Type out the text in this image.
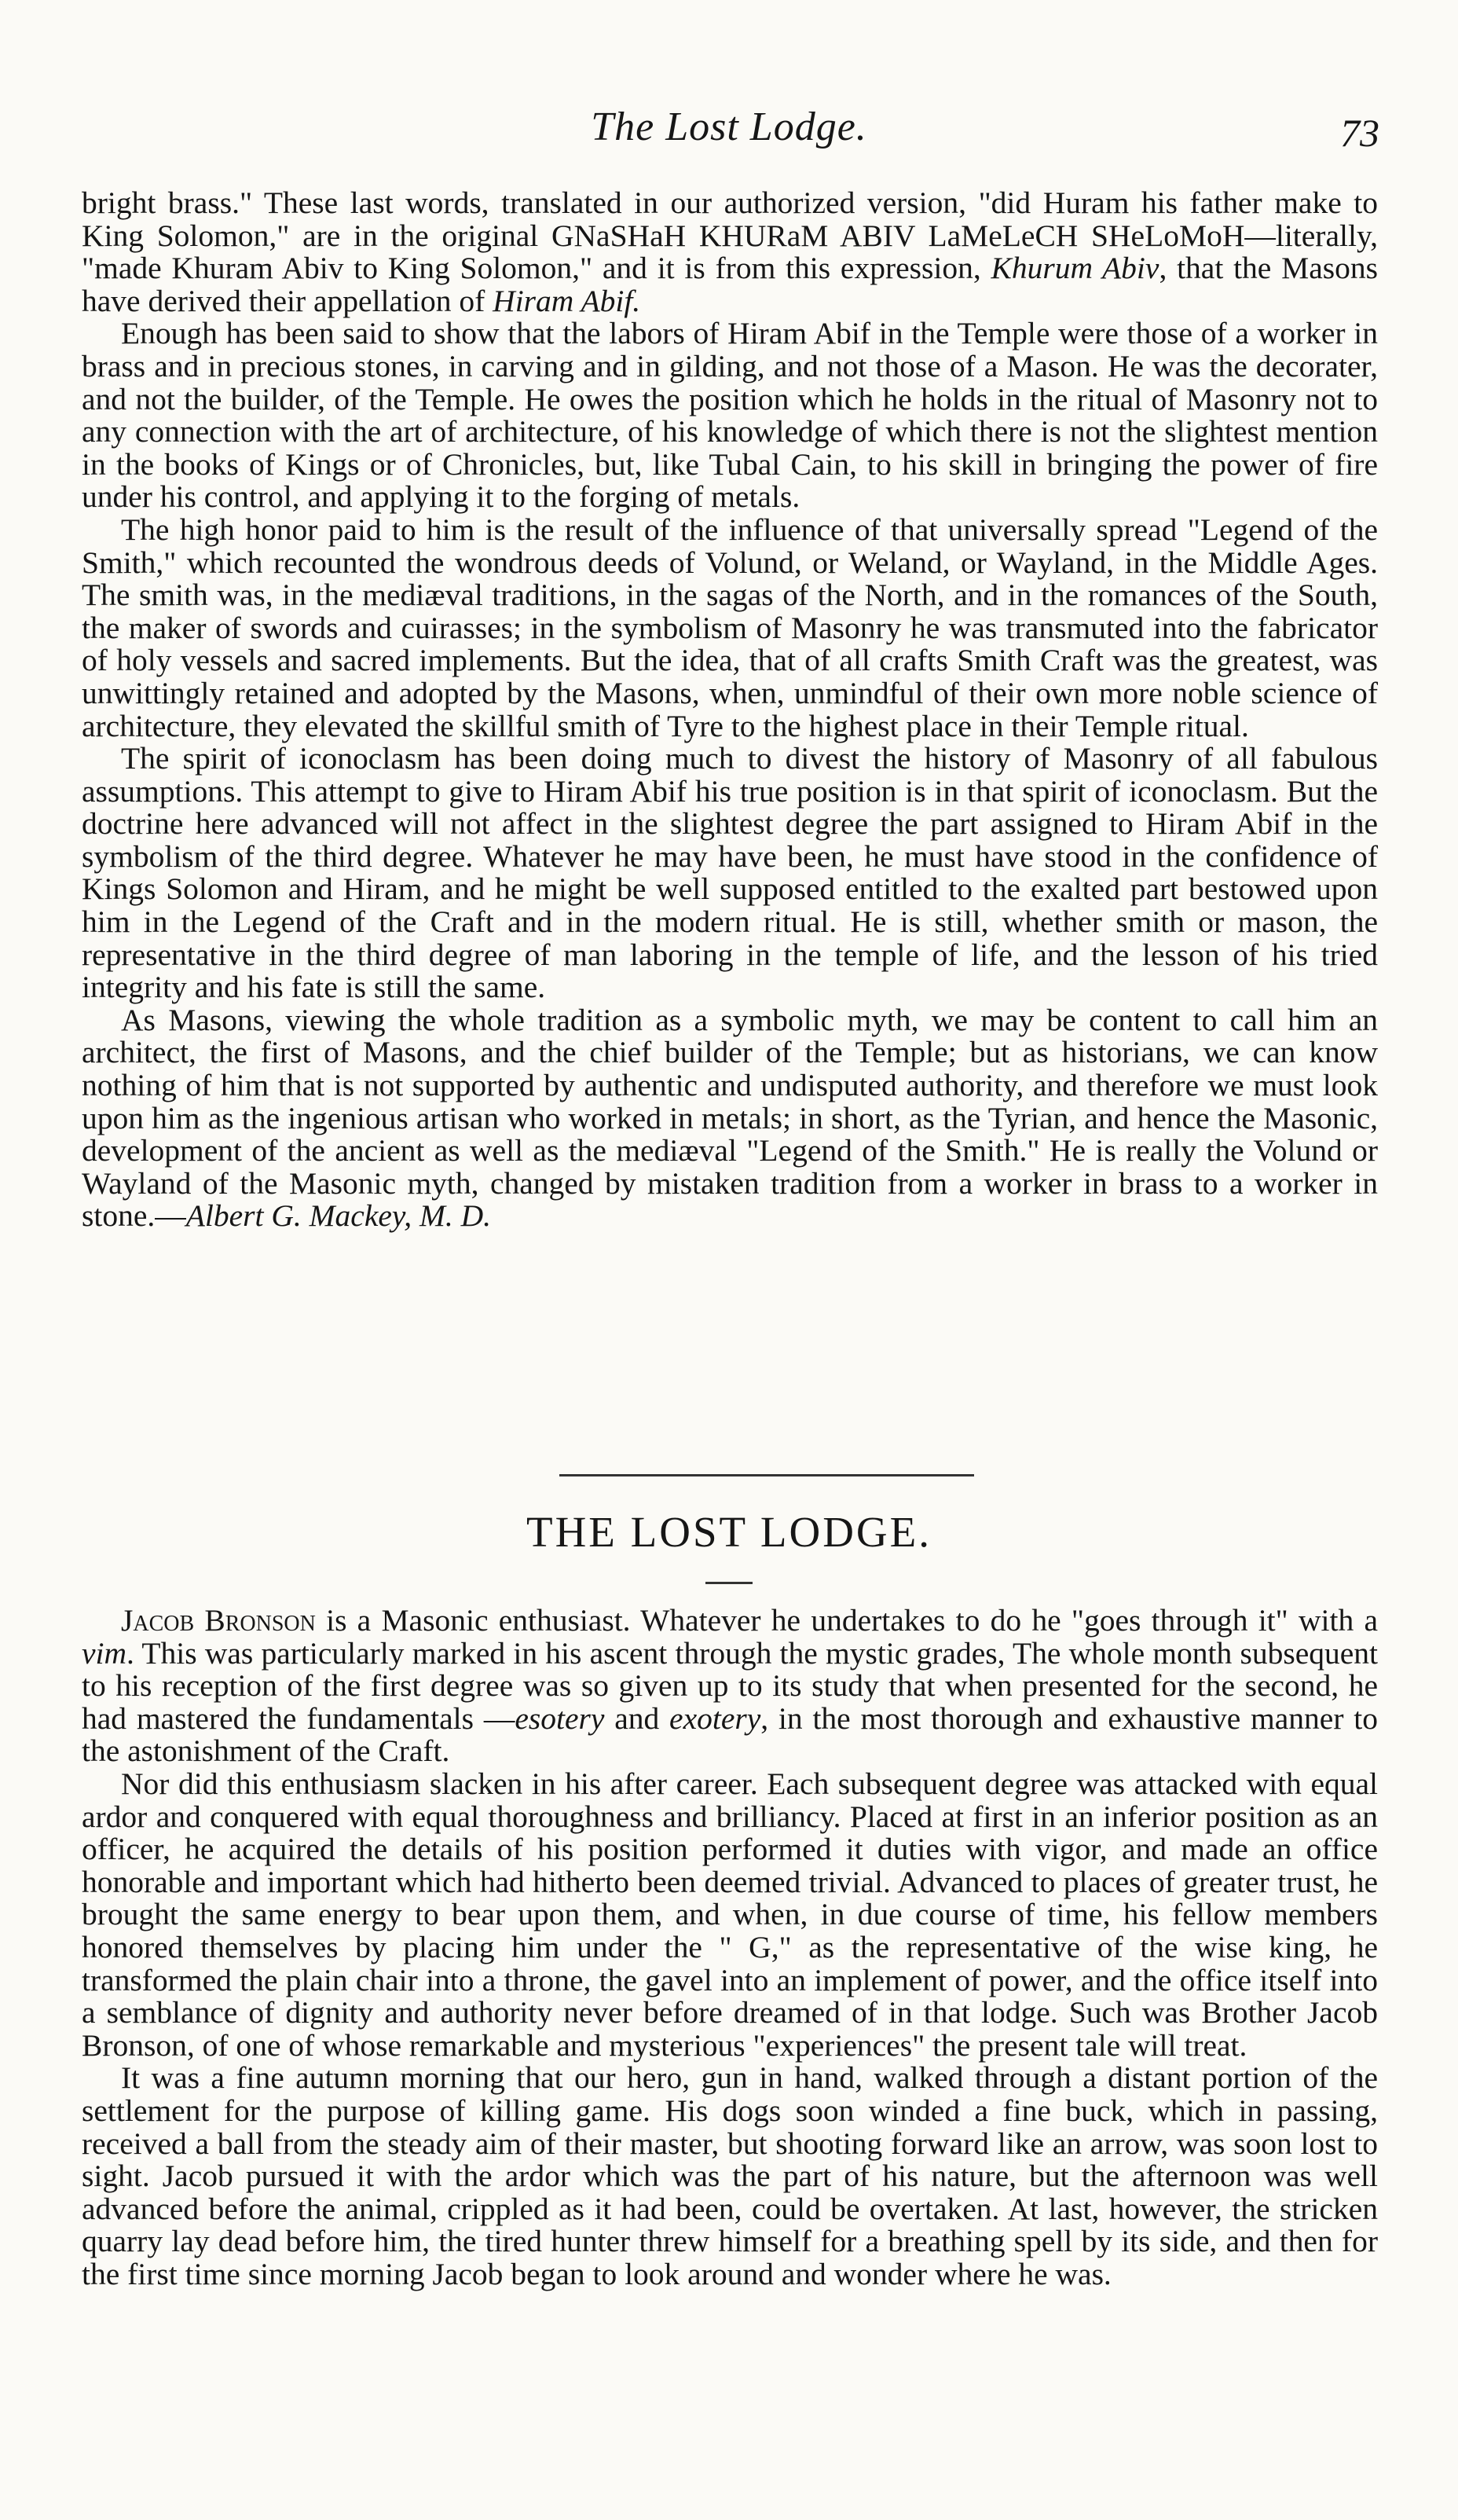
The Lost Lodge.	73

bright brass." These last words, translated in our authorized version, "did Huram his father make to King Solomon," are in the original GNaSHaH KHURaM ABIV LaMeLeCH SHeLoMoH—literally, "made Khuram Abiv to King Solomon," and it is from this expression, Khurum Abiv, that the Masons have derived their appellation of Hiram Abif.

Enough has been said to show that the labors of Hiram Abif in the Temple were those of a worker in brass and in precious stones, in carving and in gilding, and not those of a Mason. He was the decorater, and not the builder, of the Temple. He owes the position which he holds in the ritual of Masonry not to any connection with the art of architecture, of his knowledge of which there is not the slightest mention in the books of Kings or of Chronicles, but, like Tubal Cain, to his skill in bringing the power of fire under his control, and applying it to the forging of metals.

The high honor paid to him is the result of the influence of that universally spread "Legend of the Smith," which recounted the wondrous deeds of Volund, or Weland, or Wayland, in the Middle Ages. The smith was, in the mediæval traditions, in the sagas of the North, and in the romances of the South, the maker of swords and cuirasses; in the symbolism of Masonry he was transmuted into the fabricator of holy vessels and sacred implements. But the idea, that of all crafts Smith Craft was the greatest, was unwittingly retained and adopted by the Masons, when, unmindful of their own more noble science of architecture, they elevated the skillful smith of Tyre to the highest place in their Temple ritual.

The spirit of iconoclasm has been doing much to divest the history of Masonry of all fabulous assumptions. This attempt to give to Hiram Abif his true position is in that spirit of iconoclasm. But the doctrine here advanced will not affect in the slightest degree the part assigned to Hiram Abif in the symbolism of the third degree. Whatever he may have been, he must have stood in the confidence of Kings Solomon and Hiram, and he might be well supposed entitled to the exalted part bestowed upon him in the Legend of the Craft and in the modern ritual. He is still, whether smith or mason, the representative in the third degree of man laboring in the temple of life, and the lesson of his tried integrity and his fate is still the same.

As Masons, viewing the whole tradition as a symbolic myth, we may be content to call him an architect, the first of Masons, and the chief builder of the Temple; but as historians, we can know nothing of him that is not supported by authentic and undisputed authority, and therefore we must look upon him as the ingenious artisan who worked in metals; in short, as the Tyrian, and hence the Masonic, development of the ancient as well as the mediæval "Legend of the Smith." He is really the Volund or Wayland of the Masonic myth, changed by mistaken tradition from a worker in brass to a worker in stone.—Albert G. Mackey, M. D.

THE LOST LODGE.

Jacob Bronson is a Masonic enthusiast. Whatever he undertakes to do he "goes through it" with a vim. This was particularly marked in his ascent through the mystic grades, The whole month subsequent to his reception of the first degree was so given up to its study that when presented for the second, he had mastered the fundamentals —esotery and exotery, in the most thorough and exhaustive manner to the astonishment of the Craft.

Nor did this enthusiasm slacken in his after career. Each subsequent degree was attacked with equal ardor and conquered with equal thoroughness and brilliancy. Placed at first in an inferior position as an officer, he acquired the details of his position performed it duties with vigor, and made an office honorable and important which had hitherto been deemed trivial. Advanced to places of greater trust, he brought the same energy to bear upon them, and when, in due course of time, his fellow members honored themselves by placing him under the " G," as the representative of the wise king, he transformed the plain chair into a throne, the gavel into an implement of power, and the office itself into a semblance of dignity and authority never before dreamed of in that lodge. Such was Brother Jacob Bronson, of one of whose remarkable and mysterious "experiences" the present tale will treat.

It was a fine autumn morning that our hero, gun in hand, walked through a distant portion of the settlement for the purpose of killing game. His dogs soon winded a fine buck, which in passing, received a ball from the steady aim of their master, but shooting forward like an arrow, was soon lost to sight. Jacob pursued it with the ardor which was the part of his nature, but the afternoon was well advanced before the animal, crippled as it had been, could be overtaken. At last, however, the stricken quarry lay dead before him, the tired hunter threw himself for a breathing spell by its side, and then for the first time since morning Jacob began to look around and wonder where he was.
